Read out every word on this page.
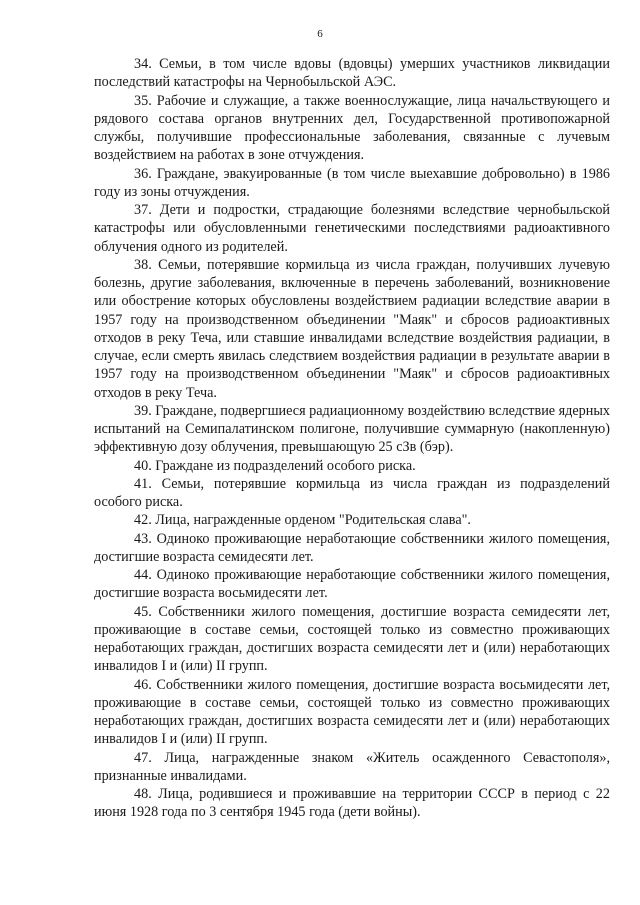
6

34. Семьи, в том числе вдовы (вдовцы) умерших участников ликвидации последствий катастрофы на Чернобыльской АЭС.

35. Рабочие и служащие, а также военнослужащие, лица начальствующего и рядового состава органов внутренних дел, Государственной противопожарной службы, получившие профессиональные заболевания, связанные с лучевым воздействием на работах в зоне отчуждения.

36. Граждане, эвакуированные (в том числе выехавшие добровольно) в 1986 году из зоны отчуждения.

37. Дети и подростки, страдающие болезнями вследствие чернобыльской катастрофы или обусловленными генетическими последствиями радиоактивного облучения одного из родителей.

38. Семьи, потерявшие кормильца из числа граждан, получивших лучевую болезнь, другие заболевания, включенные в перечень заболеваний, возникновение или обострение которых обусловлены воздействием радиации вследствие аварии в 1957 году на производственном объединении "Маяк" и сбросов радиоактивных отходов в реку Теча, или ставшие инвалидами вследствие воздействия радиации, в случае, если смерть явилась следствием воздействия радиации в результате аварии в 1957 году на производственном объединении "Маяк" и сбросов радиоактивных отходов в реку Теча.

39. Граждане, подвергшиеся радиационному воздействию вследствие ядерных испытаний на Семипалатинском полигоне, получившие суммарную (накопленную) эффективную дозу облучения, превышающую 25 сЗв (бэр).

40. Граждане из подразделений особого риска.

41. Семьи, потерявшие кормильца из числа граждан из подразделений особого риска.

42. Лица, награжденные орденом "Родительская слава".

43. Одиноко проживающие неработающие собственники жилого помещения, достигшие возраста семидесяти лет.

44. Одиноко проживающие неработающие собственники жилого помещения, достигшие возраста восьмидесяти лет.

45. Собственники жилого помещения, достигшие возраста семидесяти лет, проживающие в составе семьи, состоящей только из совместно проживающих неработающих граждан, достигших возраста семидесяти лет и (или) неработающих инвалидов I и (или) II групп.

46. Собственники жилого помещения, достигшие возраста восьмидесяти лет, проживающие в составе семьи, состоящей только из совместно проживающих неработающих граждан, достигших возраста семидесяти лет и (или) неработающих инвалидов I и (или) II групп.

47. Лица, награжденные знаком «Житель осажденного Севастополя», признанные инвалидами.

48. Лица, родившиеся и проживавшие на территории СССР в период с 22 июня 1928 года по 3 сентября 1945 года (дети войны).
